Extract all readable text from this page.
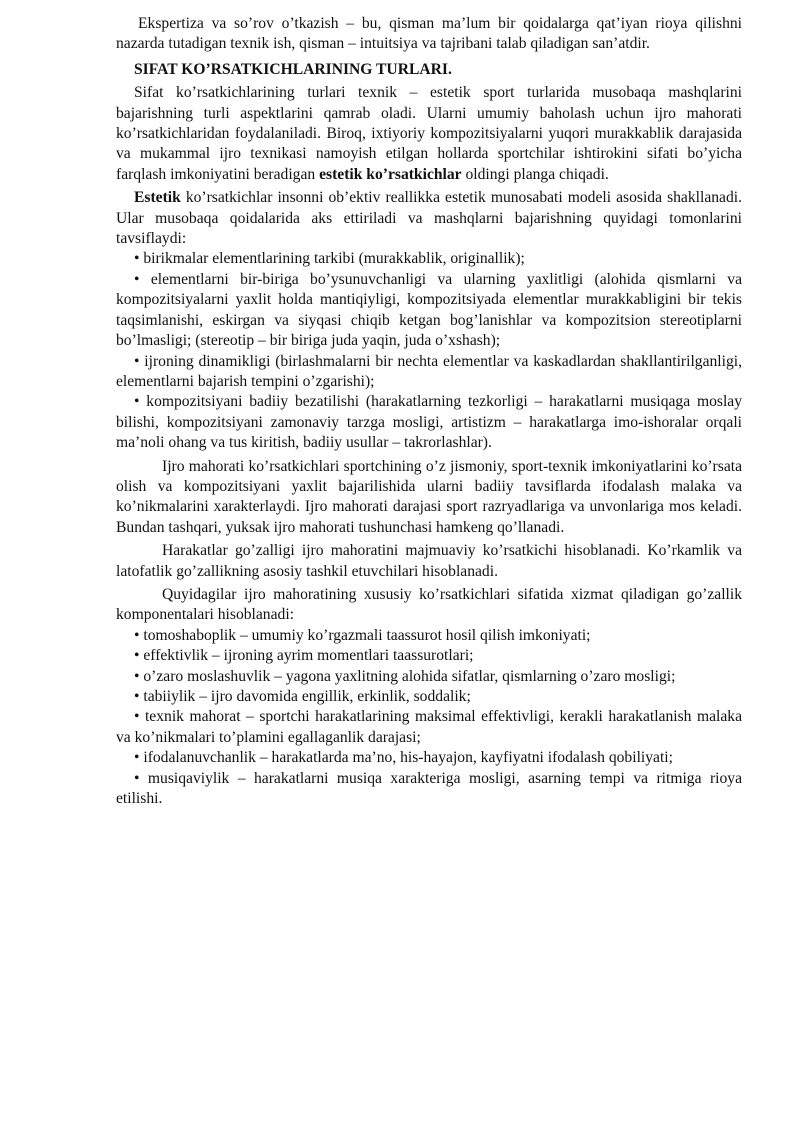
Ekspertiza va so’rov o’tkazish – bu, qisman ma’lum bir qoidalarga qat’iyan rioya qilishni nazarda tutadigan texnik ish, qisman – intuitsiya va tajribani talab qiladigan san’atdir.

SIFAT KO’RSATKICHLARINING TURLARI.

Sifat ko’rsatkichlarining turlari texnik – estetik sport turlarida musobaqa mashqlarini bajarishning turli aspektlarini qamrab oladi. Ularni umumiy baholash uchun ijro mahorati ko’rsatkichlaridan foydalaniladi. Biroq, ixtiyoriy kompozitsiyalarni yuqori murakkablik darajasida va mukammal ijro texnikasi namoyish etilgan hollarda sportchilar ishtirokini sifati bo’yicha farqlash imkoniyatini beradigan estetik ko’rsatkichlar oldingi planga chiqadi.

Estetik ko’rsatkichlar insonni ob’ektiv reallikka estetik munosabati modeli asosida shakllanadi. Ular musobaqa qoidalarida aks ettiriladi va mashqlarni bajarishning quyidagi tomonlarini tavsiflaydi:

• birikmalar elementlarining tarkibi (murakkablik, originallik);

• elementlarni bir-biriga bo’ysunuvchanligi va ularning yaxlitligi (alohida qismlarni va kompozitsiyalarni yaxlit holda mantiqiyligi, kompozitsiyada elementlar murakkabligini bir tekis taqsimlanishi, eskirgan va siyqasi chiqib ketgan bog’lanishlar va kompozitsion stereotiplarni bo’lmasligi; (stereotip – bir biriga juda yaqin, juda o’xshash);

• ijroning dinamikligi (birlashmalarni bir nechta elementlar va kaskadlardan shakllantirilganligi, elementlarni bajarish tempini o’zgarishi);

• kompozitsiyani badiiy bezatilishi (harakatlarning tezkorligi – harakatlarni musiqaga moslay bilishi, kompozitsiyani zamonaviy tarzga mosligi, artistizm – harakatlarga imo-ishoralar orqali ma’noli ohang va tus kiritish, badiiy usullar – takrorlashlar).

Ijro mahorati ko’rsatkichlari sportchining o’z jismoniy, sport-texnik imkoniyatlarini ko’rsata olish va kompozitsiyani yaxlit bajarilishida ularni badiiy tavsiflarda ifodalash malaka va ko’nikmalarini xarakterlaydi. Ijro mahorati darajasi sport razryadlariga va unvonlariga mos keladi. Bundan tashqari, yuksak ijro mahorati tushunchasi hamkeng qo’llanadi.

Harakatlar go’zalligi ijro mahoratini majmuaviy ko’rsatkichi hisoblanadi. Ko’rkamlik va latofatlik go’zallikning asosiy tashkil etuvchilari hisoblanadi.

Quyidagilar ijro mahoratining xususiy ko’rsatkichlari sifatida xizmat qiladigan go’zallik komponentalari hisoblanadi:

• tomoshaboplik – umumiy ko’rgazmali taassurot hosil qilish imkoniyati;

• effektivlik – ijroning ayrim momentlari taassurotlari;

• o’zaro moslashuvlik – yagona yaxlitning alohida sifatlar, qismlarning o’zaro mosligi;

• tabiiylik – ijro davomida engillik, erkinlik, soddalik;

• texnik mahorat – sportchi harakatlarining maksimal effektivligi, kerakli harakatlanish malaka va ko’nikmalari to’plamini egallaganlik darajasi;

• ifodalanuvchanlik – harakatlarda ma’no, his-hayajon, kayfiyatni ifodalash qobiliyati;

• musiqaviylik – harakatlarni musiqa xarakteriga mosligi, asarning tempi va ritmiga rioya etilishi.
